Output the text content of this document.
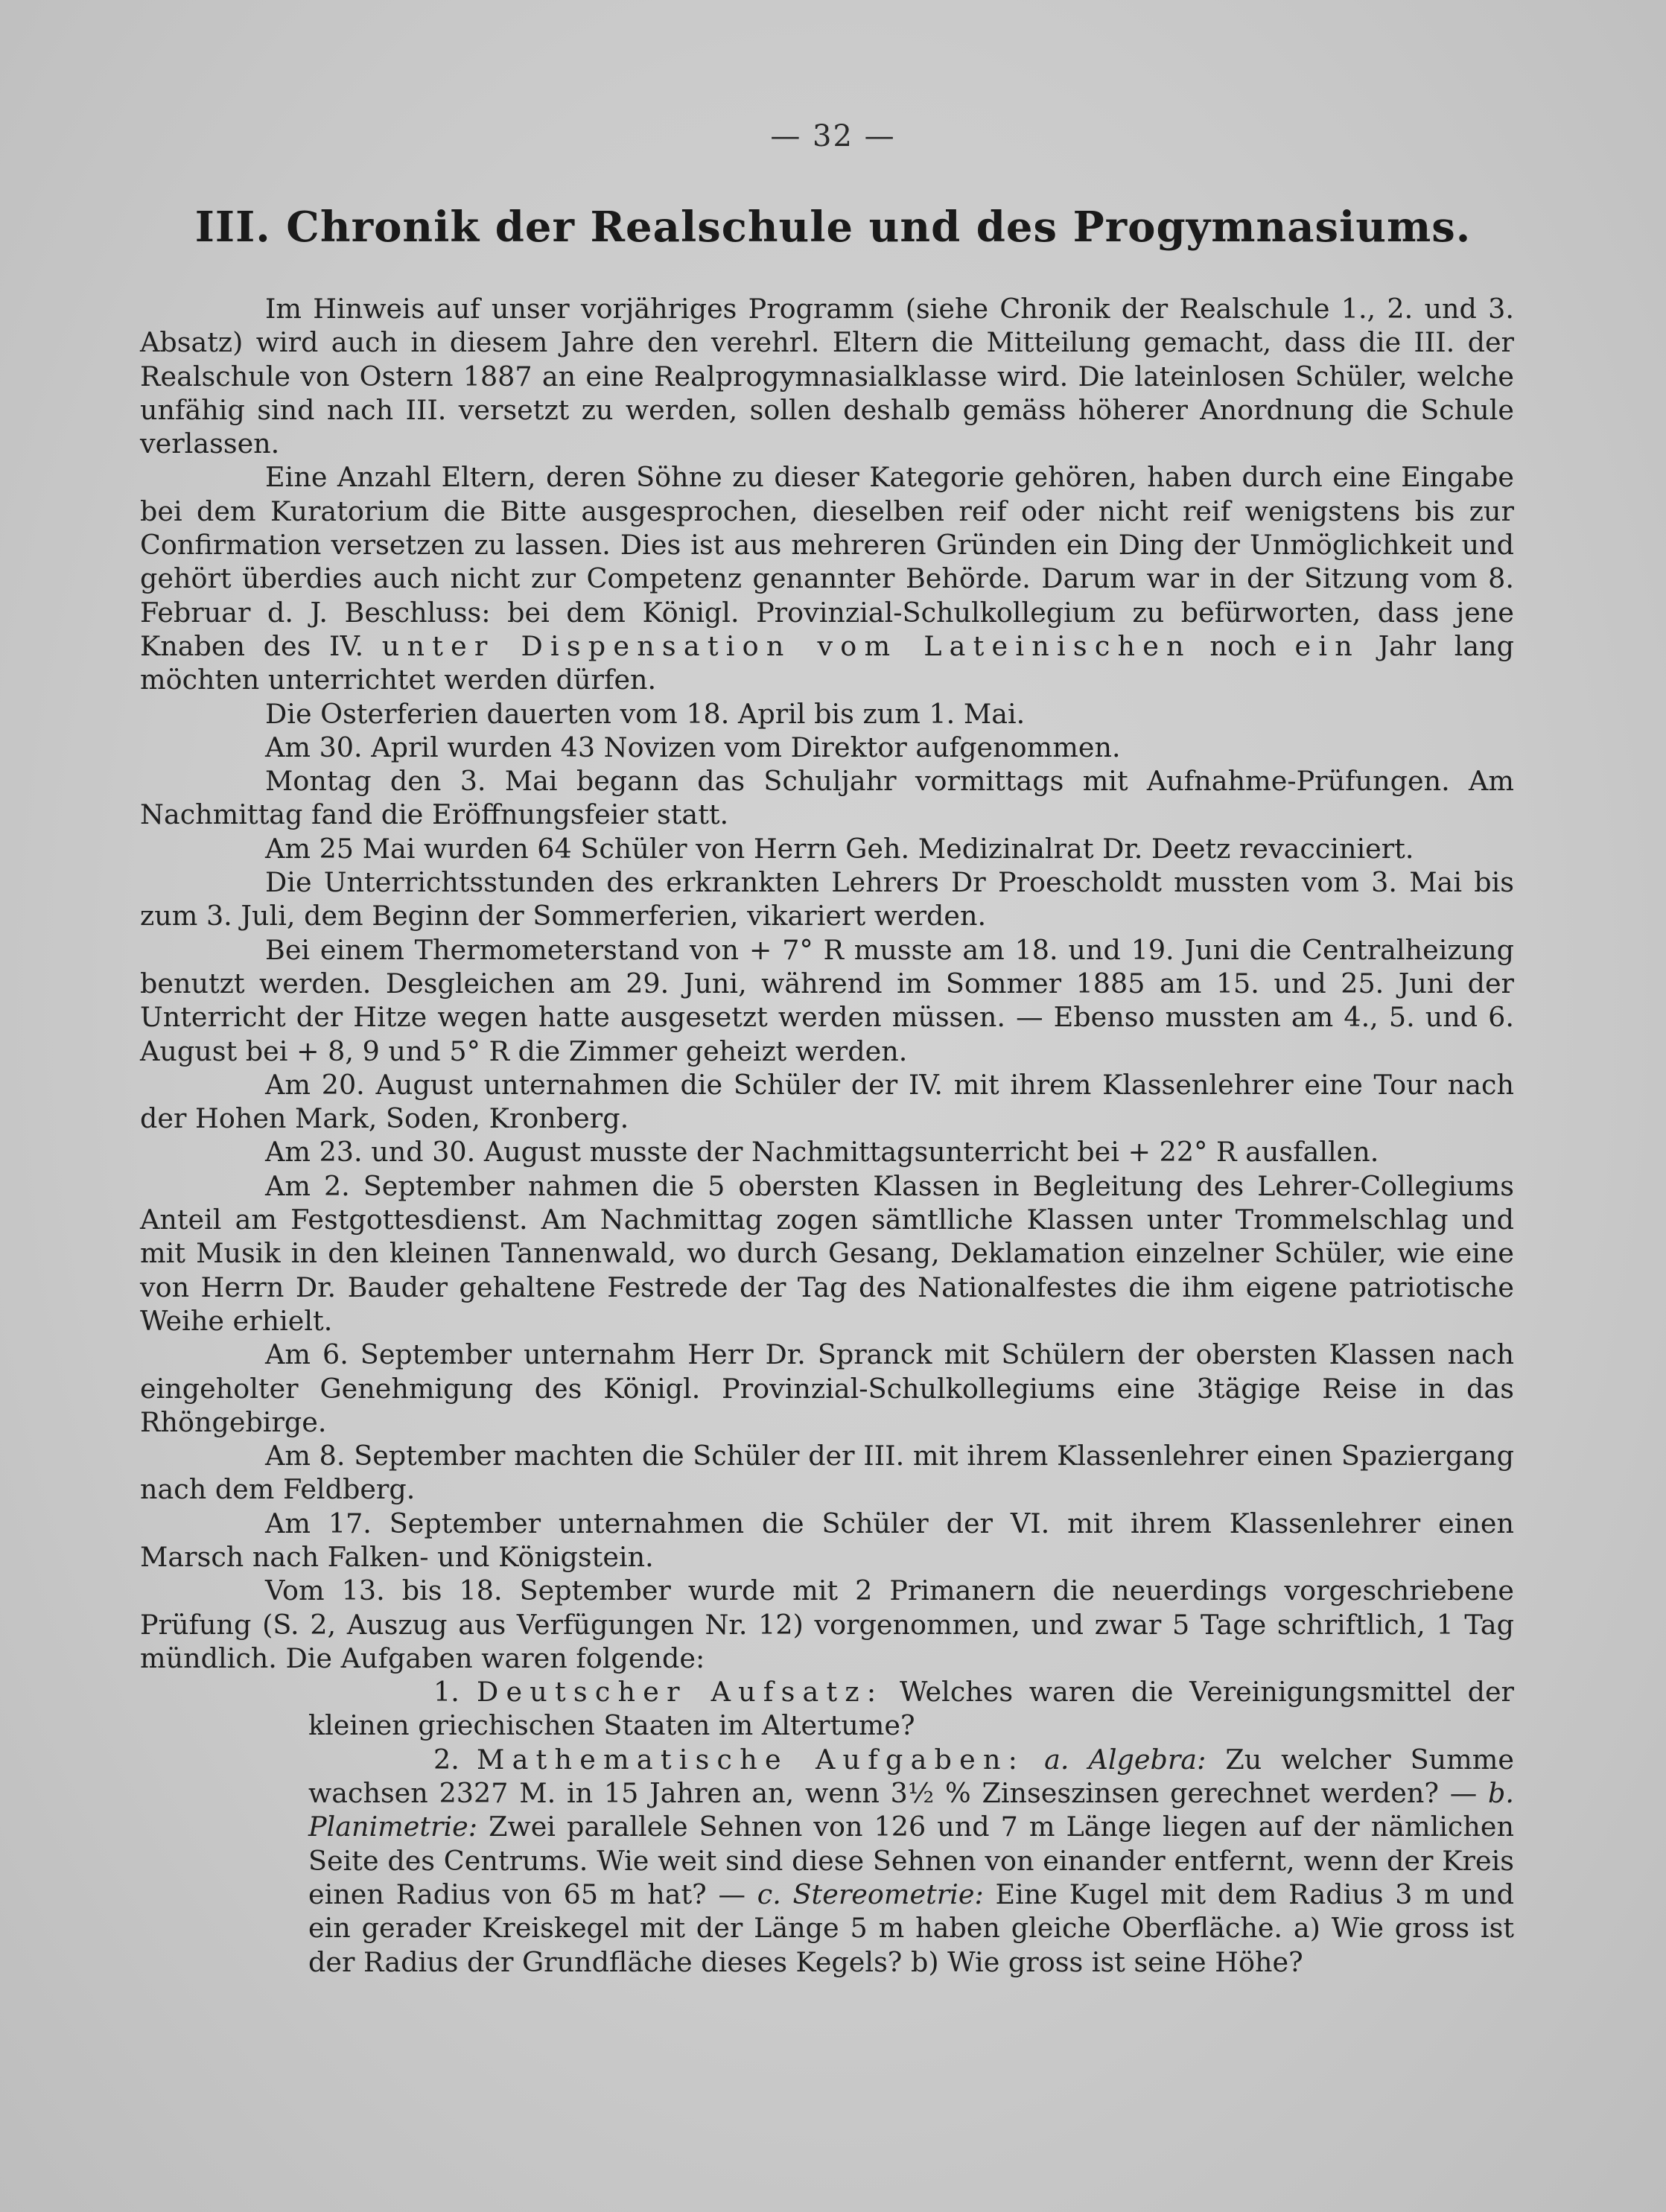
— 32 —
III. Chronik der Realschule und des Progymnasiums.

Im Hinweis auf unser vorjähriges Programm (siehe Chronik der Realschule 1., 2. und 3. Absatz) wird auch in diesem Jahre den verehrl. Eltern die Mitteilung gemacht, dass die III. der Realschule von Ostern 1887 an eine Realprogymnasialklasse wird. Die lateinlosen Schüler, welche unfähig sind nach III. versetzt zu werden, sollen deshalb gemäss höherer Anordnung die Schule verlassen.

Eine Anzahl Eltern, deren Söhne zu dieser Kategorie gehören, haben durch eine Eingabe bei dem Kuratorium die Bitte ausgesprochen, dieselben reif oder nicht reif wenigstens bis zur Confirmation versetzen zu lassen. Dies ist aus mehreren Gründen ein Ding der Unmöglichkeit und gehört überdies auch nicht zur Competenz genannter Behörde. Darum war in der Sitzung vom 8. Februar d. J. Beschluss: bei dem Königl. Provinzial-Schulkollegium zu befürworten, dass jene Knaben des IV. unter Dispensation vom Lateinischen noch ein Jahr lang möchten unterrichtet werden dürfen.

Die Osterferien dauerten vom 18. April bis zum 1. Mai.

Am 30. April wurden 43 Novizen vom Direktor aufgenommen.

Montag den 3. Mai begann das Schuljahr vormittags mit Aufnahme-Prüfungen. Am Nachmittag fand die Eröffnungsfeier statt.

Am 25 Mai wurden 64 Schüler von Herrn Geh. Medizinalrat Dr. Deetz revacciniert.

Die Unterrichtsstunden des erkrankten Lehrers Dr Proescholdt mussten vom 3. Mai bis zum 3. Juli, dem Beginn der Sommerferien, vikariert werden.

Bei einem Thermometerstand von + 7° R musste am 18. und 19. Juni die Centralheizung benutzt werden. Desgleichen am 29. Juni, während im Sommer 1885 am 15. und 25. Juni der Unterricht der Hitze wegen hatte ausgesetzt werden müssen. — Ebenso mussten am 4., 5. und 6. August bei + 8, 9 und 5° R die Zimmer geheizt werden.

Am 20. August unternahmen die Schüler der IV. mit ihrem Klassenlehrer eine Tour nach der Hohen Mark, Soden, Kronberg.

Am 23. und 30. August musste der Nachmittagsunterricht bei + 22° R ausfallen.

Am 2. September nahmen die 5 obersten Klassen in Begleitung des Lehrer-Collegiums Anteil am Festgottesdienst. Am Nachmittag zogen sämtlliche Klassen unter Trommelschlag und mit Musik in den kleinen Tannenwald, wo durch Gesang, Deklamation einzelner Schüler, wie eine von Herrn Dr. Bauder gehaltene Festrede der Tag des Nationalfestes die ihm eigene patriotische Weihe erhielt.

Am 6. September unternahm Herr Dr. Spranck mit Schülern der obersten Klassen nach eingeholter Genehmigung des Königl. Provinzial-Schulkollegiums eine 3tägige Reise in das Rhöngebirge.

Am 8. September machten die Schüler der III. mit ihrem Klassenlehrer einen Spaziergang nach dem Feldberg.

Am 17. September unternahmen die Schüler der VI. mit ihrem Klassenlehrer einen Marsch nach Falken- und Königstein.

Vom 13. bis 18. September wurde mit 2 Primanern die neuerdings vorgeschriebene Prüfung (S. 2, Auszug aus Verfügungen Nr. 12) vorgenommen, und zwar 5 Tage schriftlich, 1 Tag mündlich. Die Aufgaben waren folgende:

1. Deutscher Aufsatz: Welches waren die Vereinigungsmittel der kleinen griechischen Staaten im Altertume?

2. Mathematische Aufgaben: a. Algebra: Zu welcher Summe wachsen 2327 M. in 15 Jahren an, wenn 3½ % Zinseszinsen gerechnet werden? — b. Planimetrie: Zwei parallele Sehnen von 126 und 7 m Länge liegen auf der nämlichen Seite des Centrums. Wie weit sind diese Sehnen von einander entfernt, wenn der Kreis einen Radius von 65 m hat? — c. Stereometrie: Eine Kugel mit dem Radius 3 m und ein gerader Kreiskegel mit der Länge 5 m haben gleiche Oberfläche. a) Wie gross ist der Radius der Grundfläche dieses Kegels? b) Wie gross ist seine Höhe?
